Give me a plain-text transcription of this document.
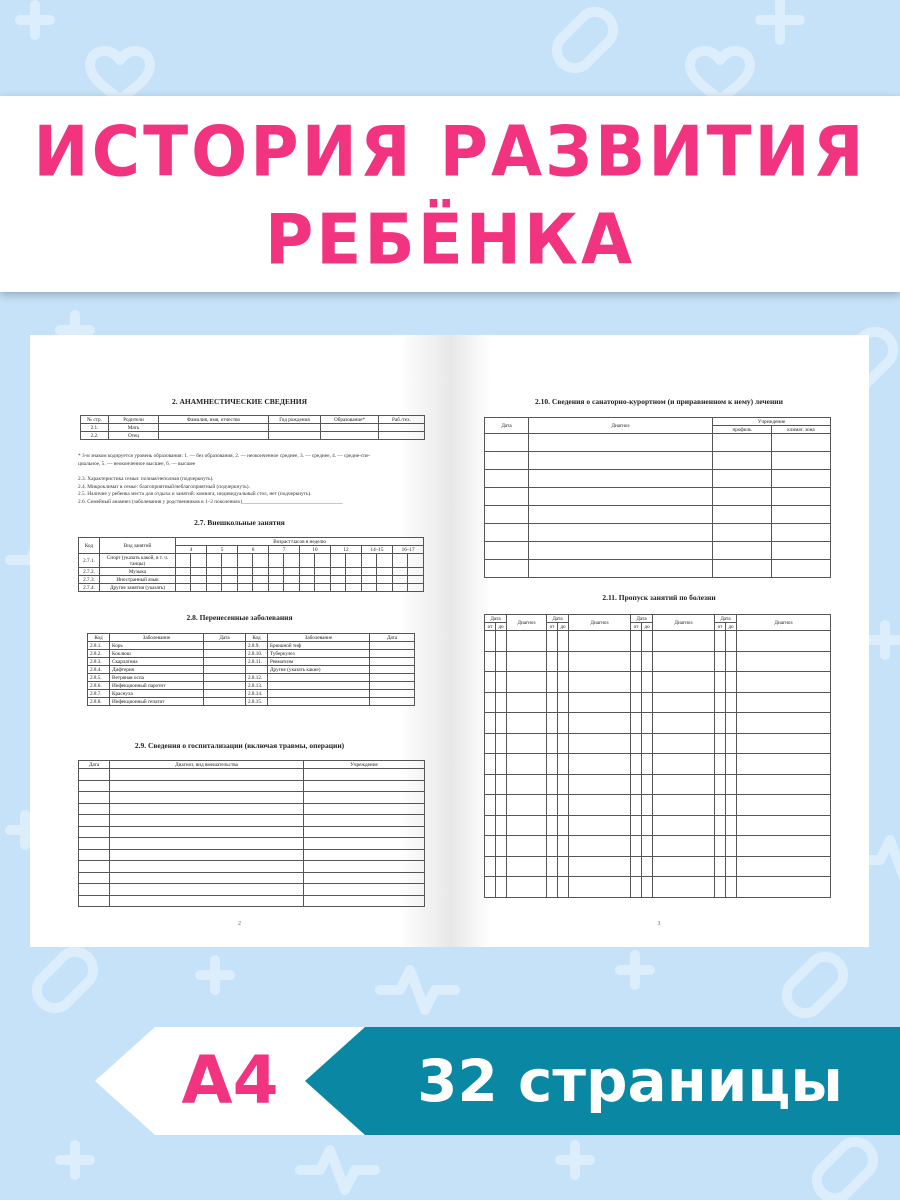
ИСТОРИЯ РАЗВИТИЯ
РЕБЁНКА
2. АНАМНЕСТИЧЕСКИЕ СВЕДЕНИЯ
№ стр.	Родители	Фамилия, имя, отчество	Год рождения	Образование*	Раб./тех.
2.1.	Мать				
2.2.	Отец				
* 3-м знаком кодируется уровень образования: 1. — без образования, 2. — неоконченное среднее, 3. — среднее, 4. — средне-спе-
циальное, 5. — неоконченное высшее, 6. — высшее
2.3. Характеристика семьи: полная/неполная (подчеркнуть).
2.4. Микроклимат в семье: благоприятный/неблагоприятный (подчеркнуть).
2.5. Наличие у ребенка места для отдыха и занятий: комната, индивидуальный стол, нет (подчеркнуть).
2.6. Семейный анамнез (заболевания у родственников в 1–2 поколениях)______________________________________
2.7. Внешкольные занятия
Код	Вид занятий	Возраст/часов в неделю															
		4		5		6		7		10		12		14–15		16–17	
2.7.1.	Спорт (указать какой, в т. ч. танцы)																
2.7.2.	Музыка																
2.7.3.	Иностранный язык																
2.7.4.	Другие занятия (указать)																
2.8. Перенесенные заболевания
Код	Заболевание	Дата	Код	Заболевание	Дата
2.8.1.	Корь		2.8.9.	Брюшной тиф	
2.8.2.	Коклюш		2.8.10.	Туберкулез	
2.8.3.	Скарлатина		2.8.11.	Ревматизм	
2.8.4.	Дифтерия			Другие (указать какие)	
2.8.5.	Ветряная оспа		2.8.12.		
2.8.6.	Инфекционный паротит		2.8.13.		
2.8.7.	Краснуха		2.8.14.		
2.8.8.	Инфекционный гепатит		2.8.15.		
2.9. Сведения о госпитализации (включая травмы, операции)
Дата	Диагноз, вид вмешательства	Учреждение

2
2.10. Сведения о санаторно-курортном (и приравненном к нему) лечении
Дата	Диагноз	Учреждение	
		профиль	климат. зона

2.11. Пропуск занятий по болезни
Дата		Диагноз	Дата		Диагноз	Дата		Диагноз	Дата		Диагноз
от	до		от	до		от	до		от	до	

3
А4	32 страницы
